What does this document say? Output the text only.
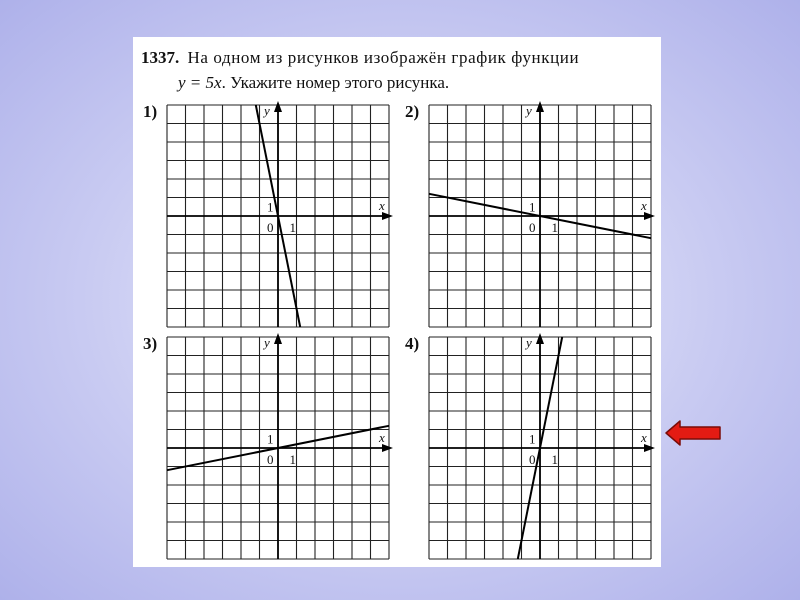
1337. На одном из рисунков изображён график функции
y = 5x. Укажите номер этого рисунка.
1)
x
y
0 1
1
2)
x
y
0 1
1
3)
x
y
0 1
1
4)
x
y
0 1
1
